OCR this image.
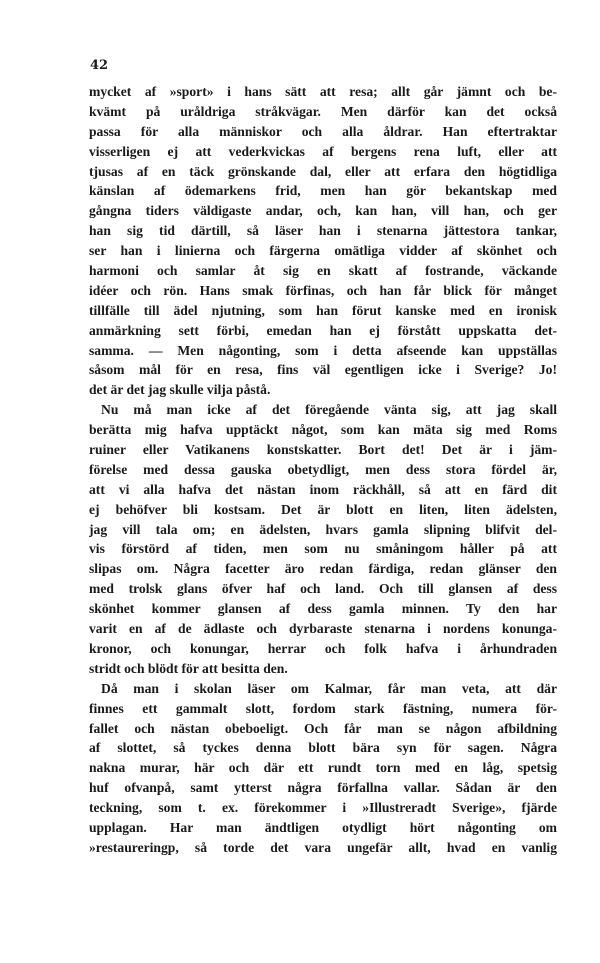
42
mycket af »sport» i hans sätt att resa; allt går jämnt och be-
kvämt på uråldriga stråkvägar. Men därför kan det också
passa för alla människor och alla åldrar. Han eftertraktar
visserligen ej att vederkvickas af bergens rena luft, eller att
tjusas af en täck grönskande dal, eller att erfara den högtidliga
känslan af ödemarkens frid, men han gör bekantskap med
gångna tiders väldigaste andar, och, kan han, vill han, och ger
han sig tid därtill, så läser han i stenarna jättestora tankar,
ser han i linierna och färgerna omätliga vidder af skönhet och
harmoni och samlar åt sig en skatt af fostrande, väckande
idéer och rön. Hans smak förfinas, och han får blick för månget
tillfälle till ädel njutning, som han förut kanske med en ironisk
anmärkning sett förbi, emedan han ej förstått uppskatta det-
samma. — Men någonting, som i detta afseende kan uppställas
såsom mål för en resa, fins väl egentligen icke i Sverige? Jo!
det är det jag skulle vilja påstå.
Nu må man icke af det föregående vänta sig, att jag skall
berätta mig hafva upptäckt något, som kan mäta sig med Roms
ruiner eller Vatikanens konstskatter. Bort det! Det är i jäm-
förelse med dessa gauska obetydligt, men dess stora fördel är,
att vi alla hafva det nästan inom räckhåll, så att en färd dit
ej behöfver bli kostsam. Det är blott en liten, liten ädelsten,
jag vill tala om; en ädelsten, hvars gamla slipning blifvit del-
vis förstörd af tiden, men som nu småningom håller på att
slipas om. Några facetter äro redan färdiga, redan glänser den
med trolsk glans öfver haf och land. Och till glansen af dess
skönhet kommer glansen af dess gamla minnen. Ty den har
varit en af de ädlaste och dyrbaraste stenarna i nordens konunga-
kronor, och konungar, herrar och folk hafva i århundraden
stridt och blödt för att besitta den.
Då man i skolan läser om Kalmar, får man veta, att där
finnes ett gammalt slott, fordom stark fästning, numera för-
fallet och nästan obeboeligt. Och får man se någon afbildning
af slottet, så tyckes denna blott bära syn för sagen. Några
nakna murar, här och där ett rundt torn med en låg, spetsig
huf ofvanpå, samt ytterst några förfallna vallar. Sådan är den
teckning, som t. ex. förekommer i »Illustreradt Sverige», fjärde
upplagan. Har man ändtligen otydligt hört någonting om
»restaureringp, så torde det vara ungefär allt, hvad en vanlig
